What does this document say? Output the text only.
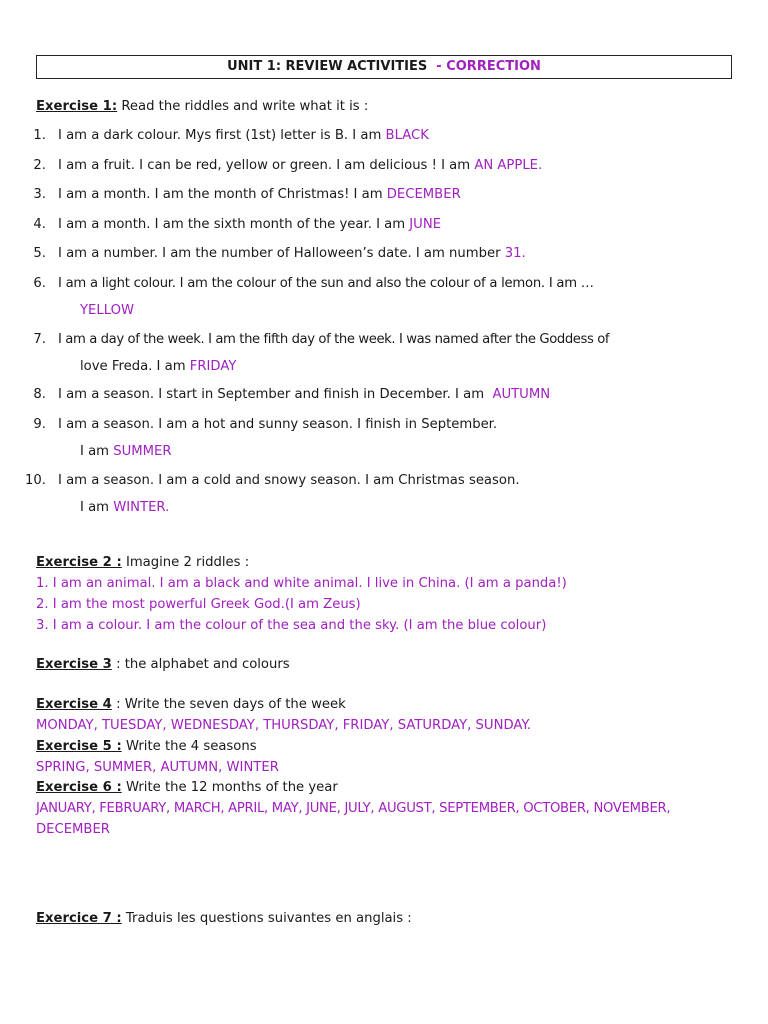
UNIT 1: REVIEW ACTIVITIES - CORRECTION
Exercise 1: Read the riddles and write what it is :
1. I am a dark colour. Mys first (1st) letter is B. I am BLACK
2. I am a fruit. I can be red, yellow or green. I am delicious ! I am AN APPLE.
3. I am a month. I am the month of Christmas! I am DECEMBER
4. I am a month. I am the sixth month of the year. I am JUNE
5. I am a number. I am the number of Halloween’s date. I am number 31.
6. I am a light colour. I am the colour of the sun and also the colour of a lemon. I am …
YELLOW
7. I am a day of the week. I am the fifth day of the week. I was named after the Goddess of
love Freda. I am FRIDAY
8. I am a season. I start in September and finish in December. I am AUTUMN
9. I am a season. I am a hot and sunny season. I finish in September.
I am SUMMER
10. I am a season. I am a cold and snowy season. I am Christmas season.
I am WINTER.
Exercise 2 : Imagine 2 riddles :
1. I am an animal. I am a black and white animal. I live in China. (I am a panda!)
2. I am the most powerful Greek God.(I am Zeus)
3. I am a colour. I am the colour of the sea and the sky. (I am the blue colour)
Exercise 3 : the alphabet and colours
Exercise 4 : Write the seven days of the week
MONDAY, TUESDAY, WEDNESDAY, THURSDAY, FRIDAY, SATURDAY, SUNDAY.
Exercise 5 : Write the 4 seasons
SPRING, SUMMER, AUTUMN, WINTER
Exercise 6 : Write the 12 months of the year
JANUARY, FEBRUARY, MARCH, APRIL, MAY, JUNE, JULY, AUGUST, SEPTEMBER, OCTOBER, NOVEMBER,
DECEMBER
Exercice 7 : Traduis les questions suivantes en anglais :
